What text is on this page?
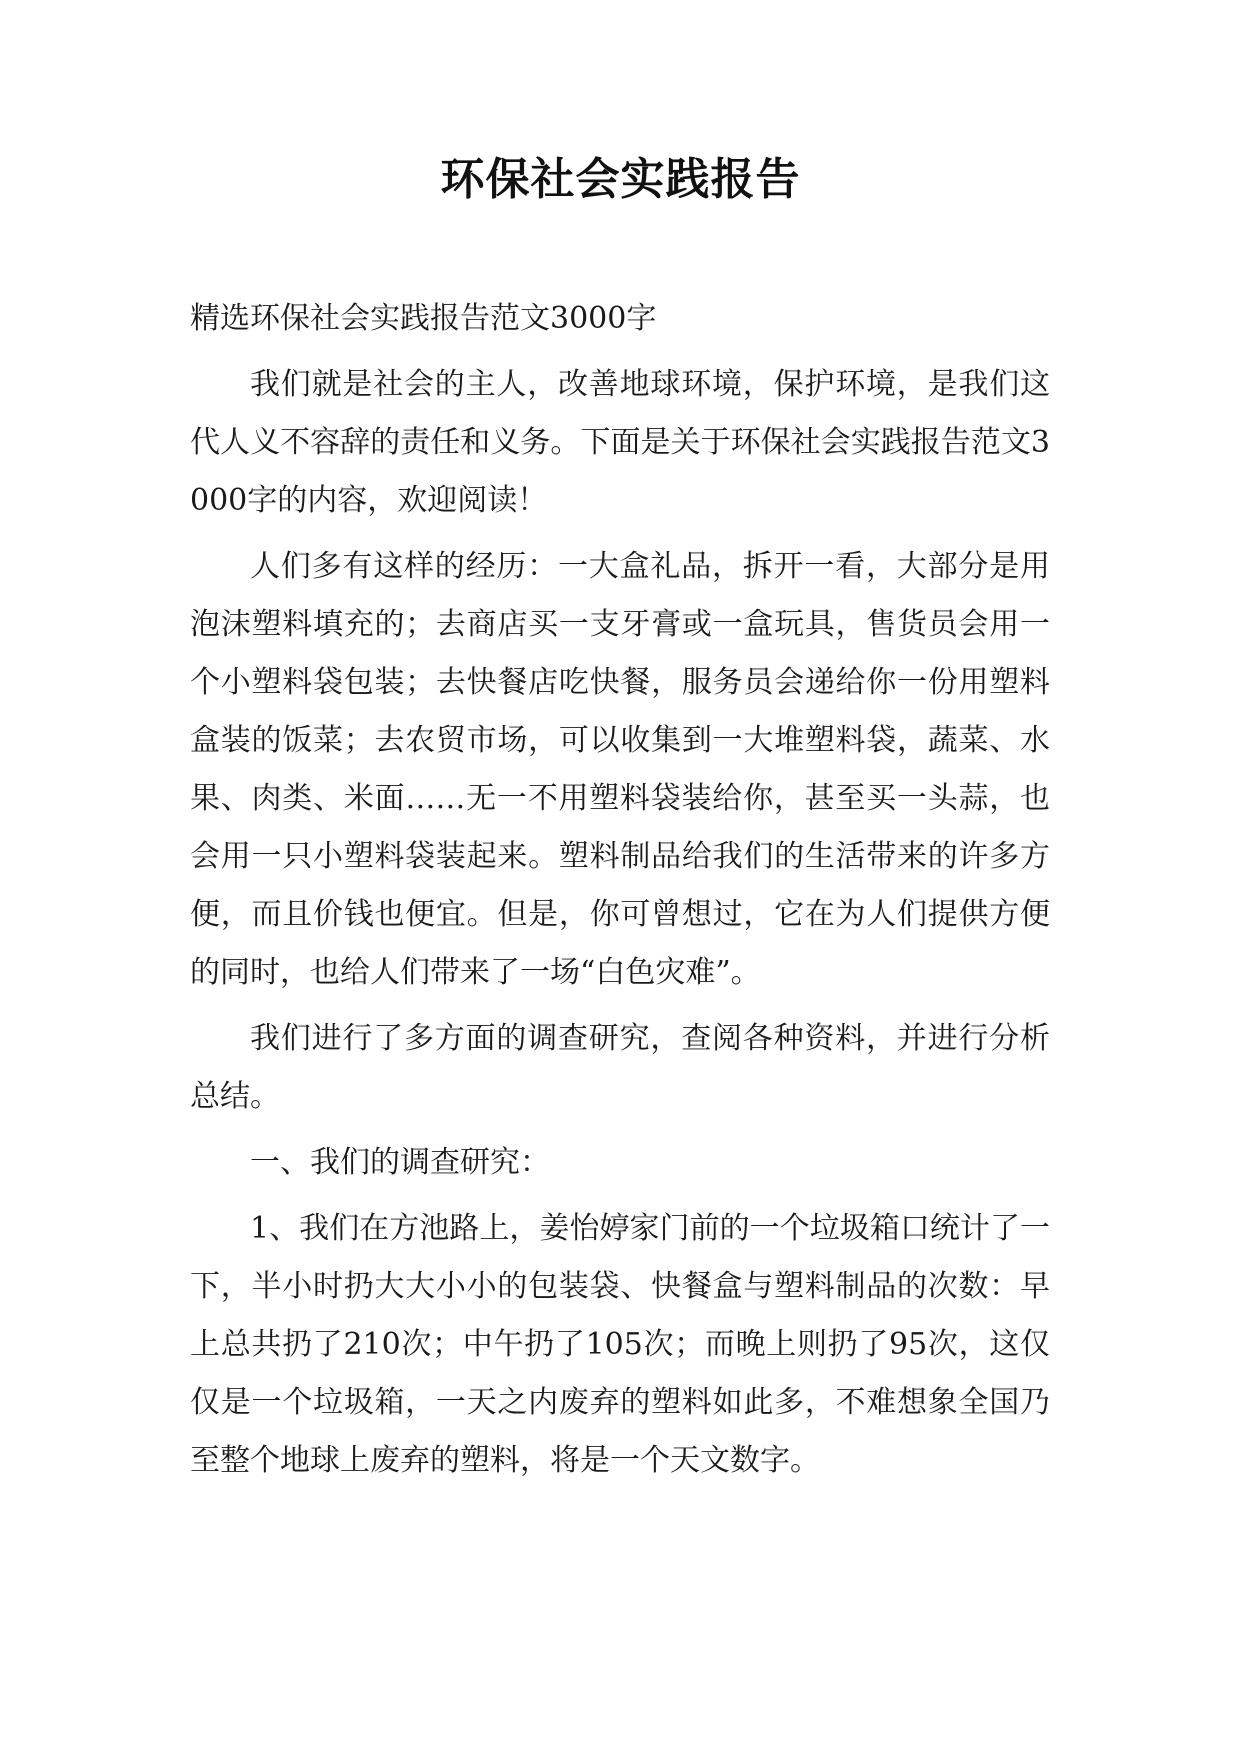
环保社会实践报告

精选环保社会实践报告范文3000字

我们就是社会的主人，改善地球环境，保护环境，是我们这代人义不容辞的责任和义务。下面是关于环保社会实践报告范文3000字的内容，欢迎阅读！

人们多有这样的经历：一大盒礼品，拆开一看，大部分是用泡沫塑料填充的；去商店买一支牙膏或一盒玩具，售货员会用一个小塑料袋包装；去快餐店吃快餐，服务员会递给你一份用塑料盒装的饭菜；去农贸市场，可以收集到一大堆塑料袋，蔬菜、水果、肉类、米面……无一不用塑料袋装给你，甚至买一头蒜，也会用一只小塑料袋装起来。塑料制品给我们的生活带来的许多方便，而且价钱也便宜。但是，你可曾想过，它在为人们提供方便的同时，也给人们带来了一场“白色灾难”。

我们进行了多方面的调查研究，查阅各种资料，并进行分析总结。

一、我们的调查研究：

1、我们在方池路上，姜怡婷家门前的一个垃圾箱口统计了一下，半小时扔大大小小的包装袋、快餐盒与塑料制品的次数：早上总共扔了210次；中午扔了105次；而晚上则扔了95次，这仅仅是一个垃圾箱，一天之内废弃的塑料如此多，不难想象全国乃至整个地球上废弃的塑料，将是一个天文数字。
